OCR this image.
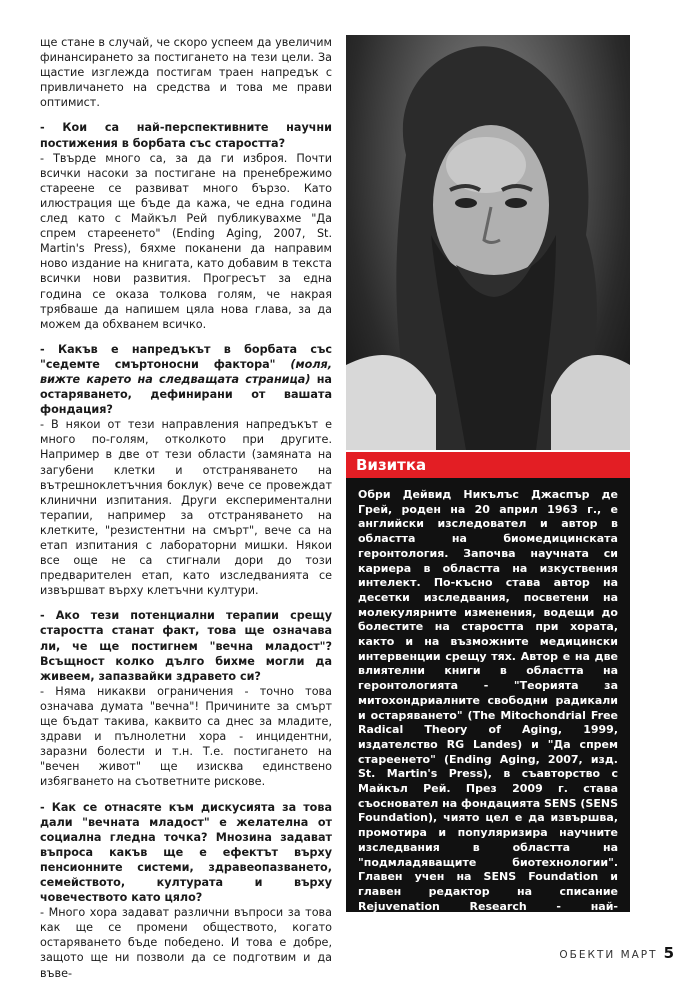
ще стане в случай, че скоро успеем да увеличим финансирането за постигането на тези цели. За щастие изглежда постигам траен напредък с привличането на средства и това ме прави оптимист.

- Кои са най-перспективните научни постижения в борбата със старостта?

- Твърде много са, за да ги изброя. Почти всички насоки за постигане на пренебрежимо стареене се развиват много бързо. Като илюстрация ще бъде да кажа, че една година след като с Майкъл Рей публикувахме "Да спрем стареенето" (Ending Aging, 2007, St. Martin's Press), бяхме поканени да направим ново издание на книгата, като добавим в текста всички нови развития. Прогресът за една година се оказа толкова голям, че накрая трябваше да напишем цяла нова глава, за да можем да обхванем всичко.

- Какъв е напредъкът в борбата със "седемте смъртоносни фактора" (моля, вижте карето на следващата страница) на остаряването, дефинирани от вашата фондация?

- В някои от тези направления напредъкът е много по-голям, отколкото при другите. Например в две от тези области (замяната на загубени клетки и отстраняването на вътрешноклетъчния боклук) вече се провеждат клинични изпитания. Други експериментални терапии, например за отстраняването на клетките, "резистентни на смърт", вече са на етап изпитания с лабораторни мишки. Някои все още не са стигнали дори до този предварителен етап, като изследванията се извършват върху клетъчни култури.

- Ако тези потенциални терапии срещу старостта станат факт, това ще означава ли, че ще постигнем "вечна младост"? Всъщност колко дълго бихме могли да живеем, запазвайки здравето си?

- Няма никакви ограничения - точно това означава думата "вечна"! Причините за смърт ще бъдат такива, каквито са днес за младите, здрави и пълнолетни хора - инцидентни, заразни болести и т.н. Т.е. постигането на "вечен живот" ще изисква единствено избягването на съответните рискове.

- Как се отнасяте към дискусията за това дали "вечната младост" е желателна от социална гледна точка? Мнозина задават въпроса какъв ще е ефектът върху пенсионните системи, здравеопазването, семейството, културата и върху човечеството като цяло?

- Много хора задават различни въпроси за това как ще се промени обществото, когато остаряването бъде победено. И това е добре, защото ще ни позволи да се подготвим и да въве-

Визитка
Обри Дейвид Никълъс Джаспър де Грей, роден на 20 април 1963 г., е английски изследовател и автор в областта на биомедицинската геронтология. Започва научната си кариера в областта на изкуствения интелект. По-късно става автор на десетки изследвания, посветени на молекулярните изменения, водещи до болестите на старостта при хората, както и на възможните медицински интервенции срещу тях. Автор е на две влиятелни книги в областта на геронтологията - "Теорията за митохондриалните свободни радикали и остаряването" (The Mitochondrial Free Radical Theory of Aging, 1999, издателство RG Landes) и "Да спрем стареенето" (Ending Aging, 2007, изд. St. Martin's Press), в съавторство с Майкъл Рей. През 2009 г. става съосновател на фондацията SENS (SENS Foundation), чиято цел е да извършва, промотира и популяризира научните изследвания в областта на "подмладяващите биотехнологии". Главен учен на SENS Foundation и главен редактор на списание Rejuvenation Research - най-авторитетното научно издание в областта на медицинските интервенции срещу остаряването.	ОБЕКТИ МАРТ 5
